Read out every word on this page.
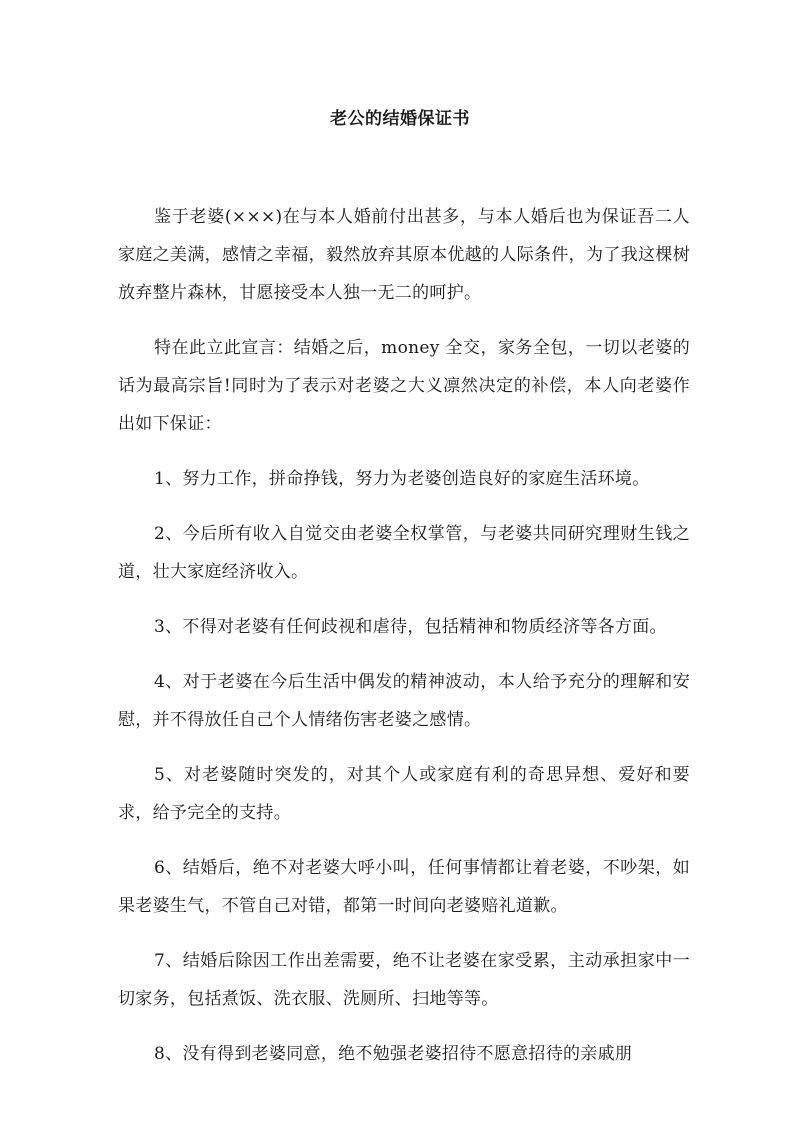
老公的结婚保证书

鉴于老婆(×××)在与本人婚前付出甚多，与本人婚后也为保证吾二人家庭之美满，感情之幸福，毅然放弃其原本优越的人际条件，为了我这棵树放弃整片森林，甘愿接受本人独一无二的呵护。

特在此立此宣言：结婚之后，money 全交，家务全包，一切以老婆的话为最高宗旨!同时为了表示对老婆之大义凛然决定的补偿，本人向老婆作出如下保证：

1、努力工作，拼命挣钱，努力为老婆创造良好的家庭生活环境。

2、今后所有收入自觉交由老婆全权掌管，与老婆共同研究理财生钱之道，壮大家庭经济收入。

3、不得对老婆有任何歧视和虐待，包括精神和物质经济等各方面。

4、对于老婆在今后生活中偶发的精神波动，本人给予充分的理解和安慰，并不得放任自己个人情绪伤害老婆之感情。

5、对老婆随时突发的，对其个人或家庭有利的奇思异想、爱好和要求，给予完全的支持。

6、结婚后，绝不对老婆大呼小叫，任何事情都让着老婆，不吵架，如果老婆生气，不管自己对错，都第一时间向老婆赔礼道歉。

7、结婚后除因工作出差需要，绝不让老婆在家受累，主动承担家中一切家务，包括煮饭、洗衣服、洗厕所、扫地等等。

8、没有得到老婆同意，绝不勉强老婆招待不愿意招待的亲戚朋
